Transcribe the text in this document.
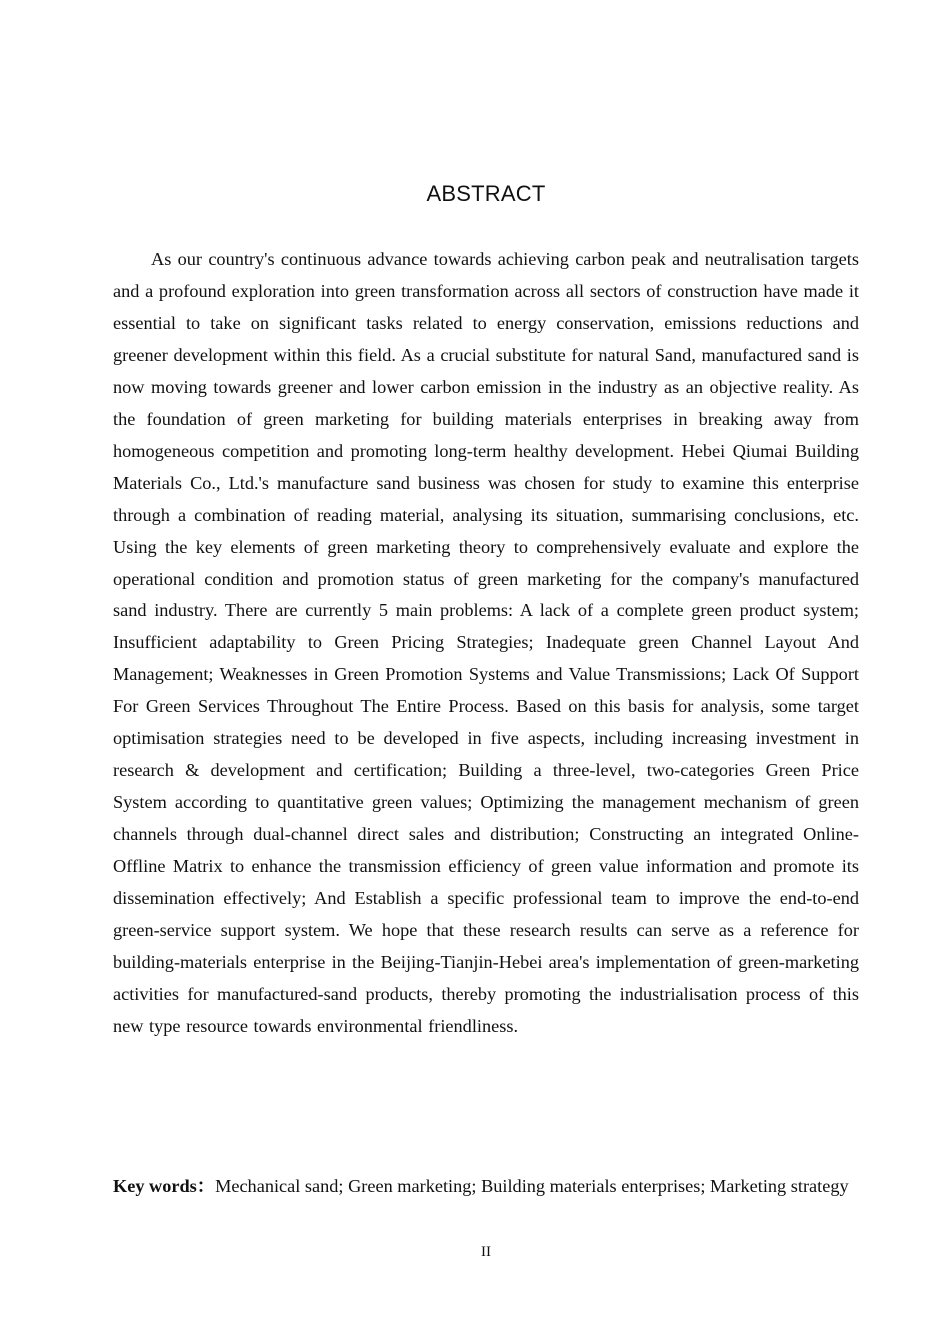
ABSTRACT

As our country's continuous advance towards achieving carbon peak and neutralisation targets and a profound exploration into green transformation across all sectors of construction have made it essential to take on significant tasks related to energy conservation, emissions reductions and greener development within this field. As a crucial substitute for natural Sand, manufactured sand is now moving towards greener and lower carbon emission in the industry as an objective reality. As the foundation of green marketing for building materials enterprises in breaking away from homogeneous competition and promoting long-term healthy development. Hebei Qiumai Building Materials Co., Ltd.'s manufacture sand business was chosen for study to examine this enterprise through a combination of reading material, analysing its situation, summarising conclusions, etc. Using the key elements of green marketing theory to comprehensively evaluate and explore the operational condition and promotion status of green marketing for the company's manufactured sand industry. There are currently 5 main problems: A lack of a complete green product system; Insufficient adaptability to Green Pricing Strategies; Inadequate green Channel Layout And Management; Weaknesses in Green Promotion Systems and Value Transmissions; Lack Of Support For Green Services Throughout The Entire Process. Based on this basis for analysis, some target optimisation strategies need to be developed in five aspects, including increasing investment in research & development and certification; Building a three-level, two-categories Green Price System according to quantitative green values; Optimizing the management mechanism of green channels through dual-channel direct sales and distribution; Constructing an integrated Online-Offline Matrix to enhance the transmission efficiency of green value information and promote its dissemination effectively; And Establish a specific professional team to improve the end-to-end green-service support system. We hope that these research results can serve as a reference for building-materials enterprise in the Beijing-Tianjin-Hebei area's implementation of green-marketing activities for manufactured-sand products, thereby promoting the industrialisation process of this new type resource towards environmental friendliness.

Key words：Mechanical sand; Green marketing; Building materials enterprises; Marketing strategy

II
